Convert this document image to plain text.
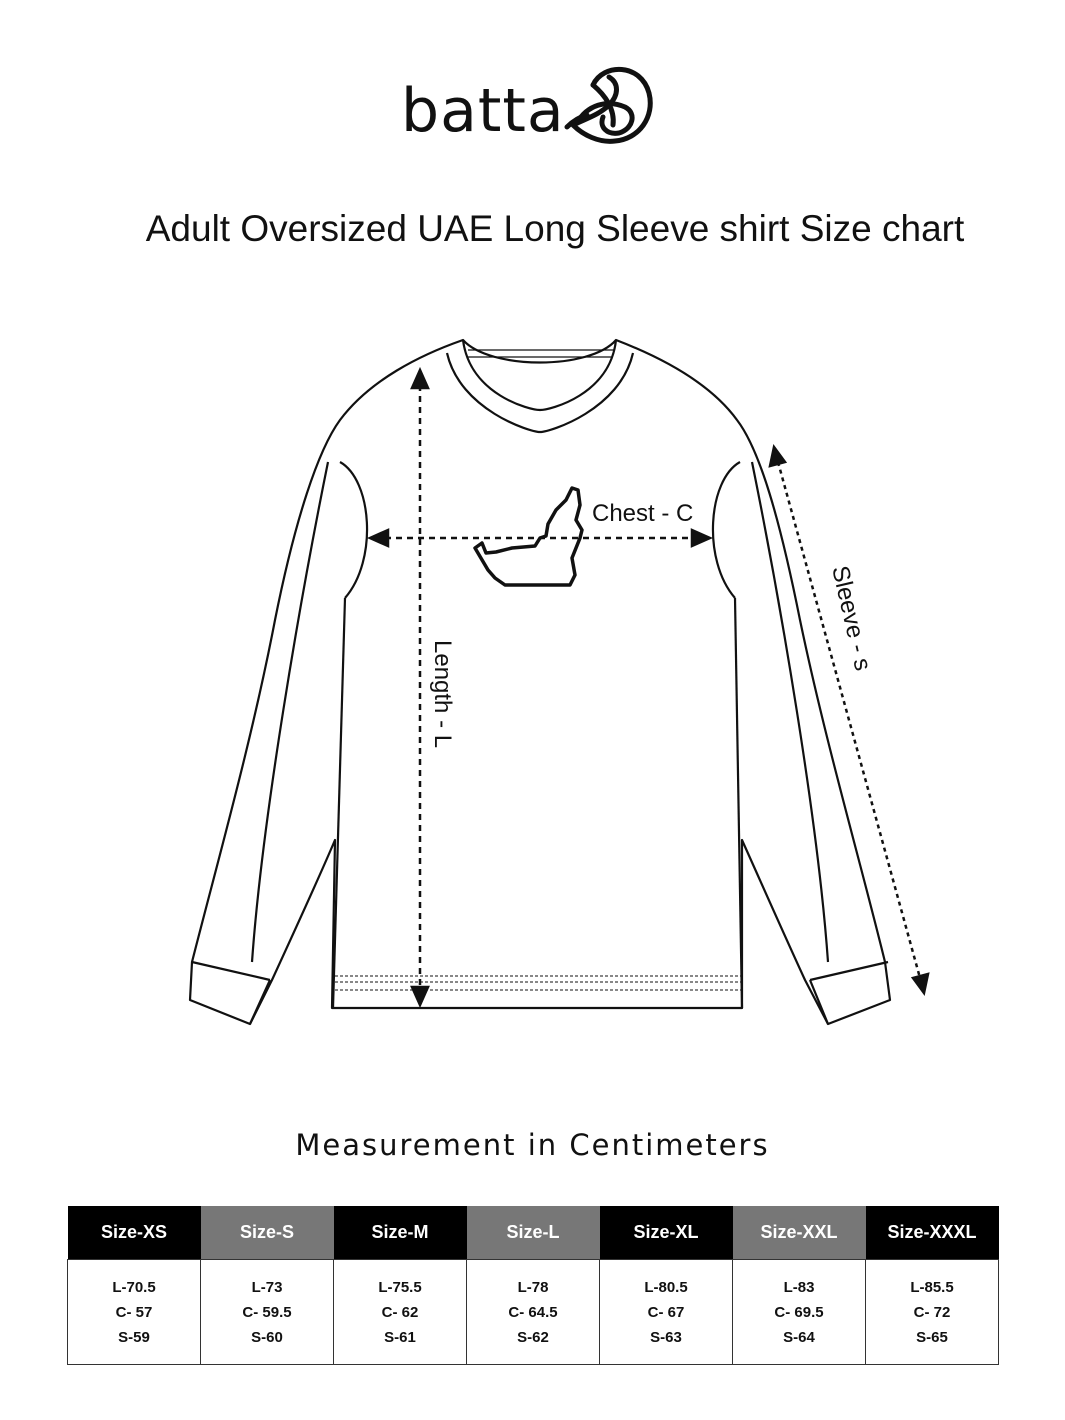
batta
Adult Oversized UAE Long Sleeve shirt Size chart
Chest - C
Length - L
Sleeve - s
Measurement in Centimeters
Size-XS	Size-S	Size-M	Size-L	Size-XL	Size-XXL	Size-XXXL

L-70.5
C- 57
S-59	L-73
C- 59.5
S-60	L-75.5
C- 62
S-61	L-78
C- 64.5
S-62	L-80.5
C- 67
S-63	L-83
C- 69.5
S-64	L-85.5
C- 72
S-65
